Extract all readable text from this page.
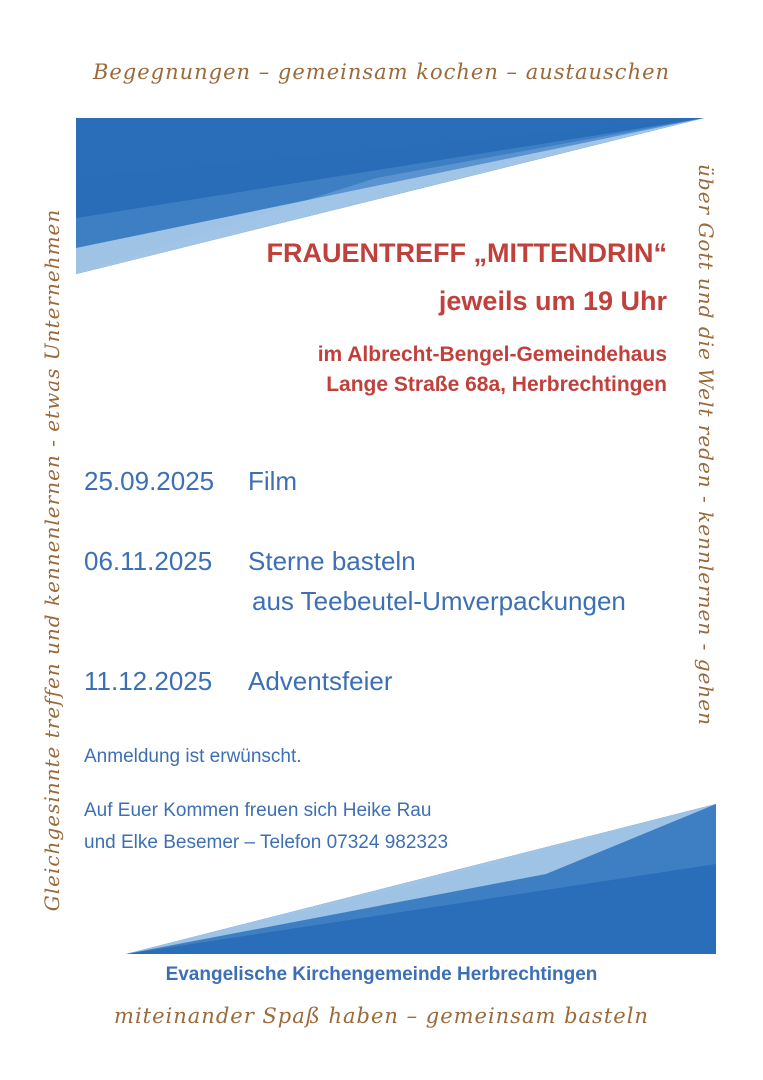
Begegnungen – gemeinsam kochen – austauschen
Gleichgesinnte treffen und kennenlernen - etwas Unternehmen	über Gott und die Welt reden - kennlernen - gehen
FRAUENTREFF „MITTENDRIN“
jeweils um 19 Uhr
im Albrecht-Bengel-Gemeindehaus
Lange Straße 68a, Herbrechtingen
25.09.2025 Film
06.11.2025 Sterne basteln
aus Teebeutel-Umverpackungen
11.12.2025 Adventsfeier
Anmeldung ist erwünscht.
Auf Euer Kommen freuen sich Heike Rau
und Elke Besemer – Telefon 07324 982323
Evangelische Kirchengemeinde Herbrechtingen
miteinander Spaß haben – gemeinsam basteln
